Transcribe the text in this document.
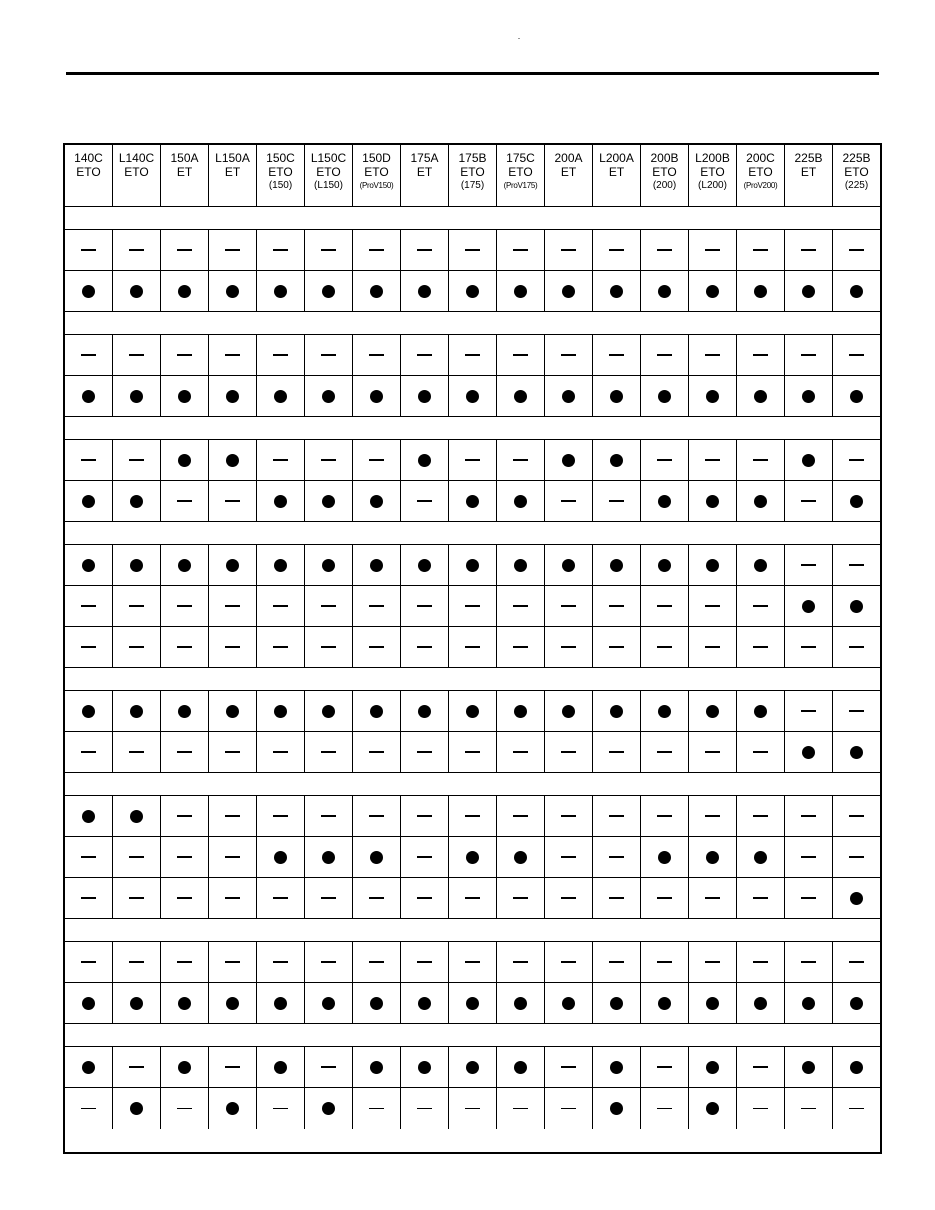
140C
ETO
L140C
ETO
150A
ET
L150A
ET
150C
ETO
(150)
L150C
ETO
(L150)
150D
ETO
(ProV150)
175A
ET
175B
ETO
(175)
175C
ETO
(ProV175)
200A
ET
L200A
ET
200B
ETO
(200)
L200B
ETO
(L200)
200C
ETO
(ProV200)
225B
ET
225B
ETO
(225)
